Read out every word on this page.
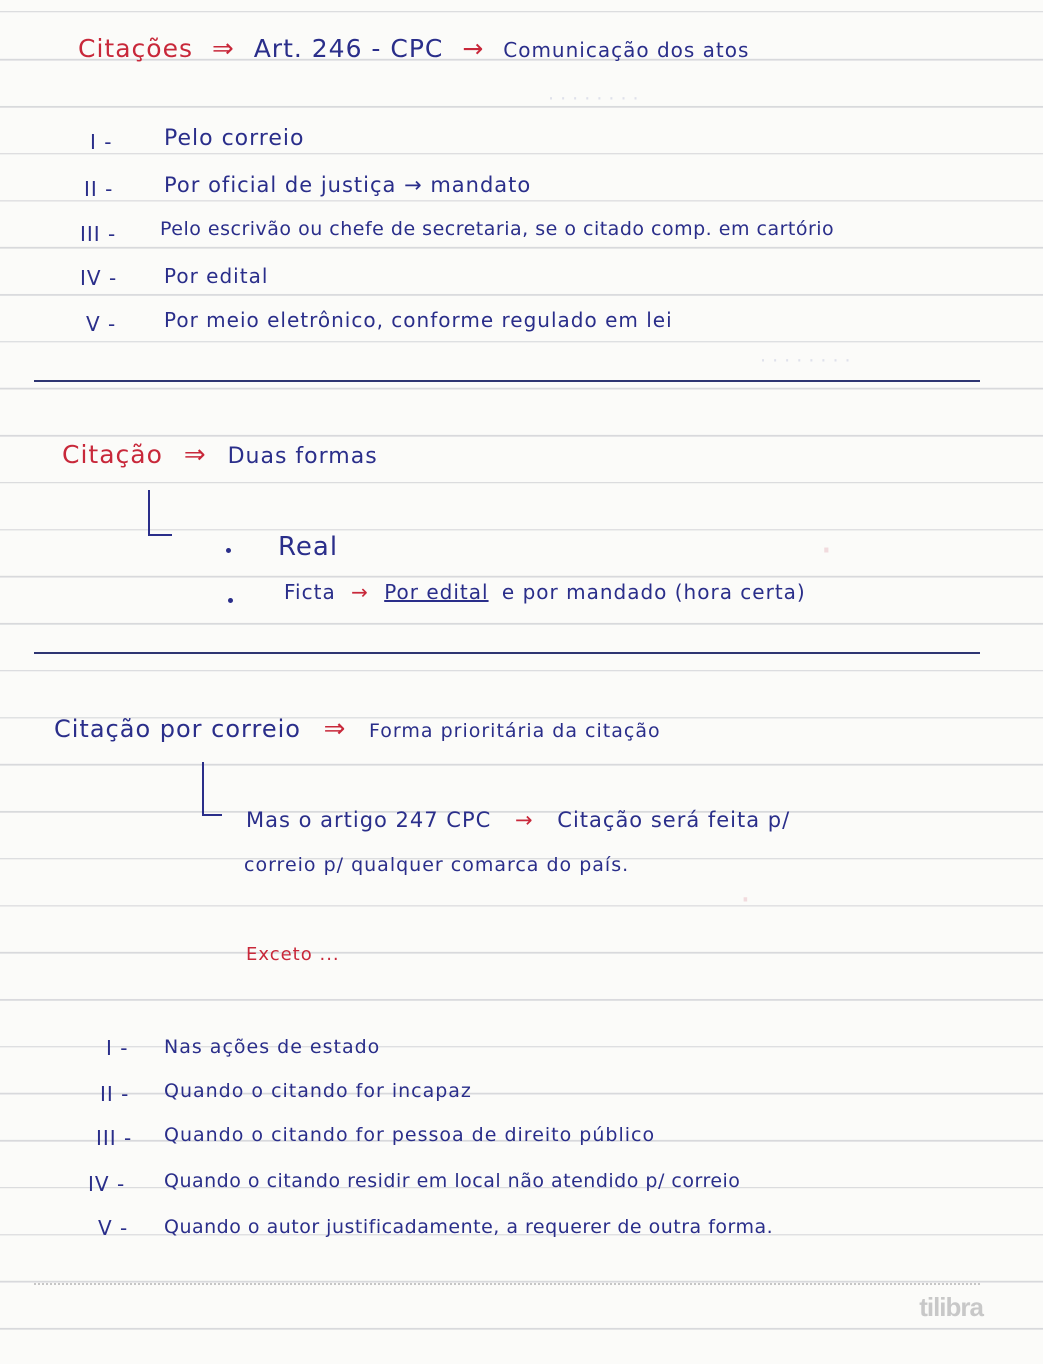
· · · · · · · ·
· · · · · · · ·
·
·
Citações ⇒ Art. 246 - CPC → Comunicação dos atos
I - Pelo correio
II - Por oficial de justiça → mandato
III - Pelo escrivão ou chefe de secretaria, se o citado comp. em cartório
IV - Por edital
V - Por meio eletrônico, conforme regulado em lei
Citação ⇒ Duas formas
Real
Ficta → Por edital e por mandado (hora certa)
Citação por correio ⇒ Forma prioritária da citação
Mas o artigo 247 CPC → Citação será feita p/
correio p/ qualquer comarca do país.
Exceto ...
I - Nas ações de estado
II - Quando o citando for incapaz
III - Quando o citando for pessoa de direito público
IV - Quando o citando residir em local não atendido p/ correio
V - Quando o autor justificadamente, a requerer de outra forma.
tilibra
